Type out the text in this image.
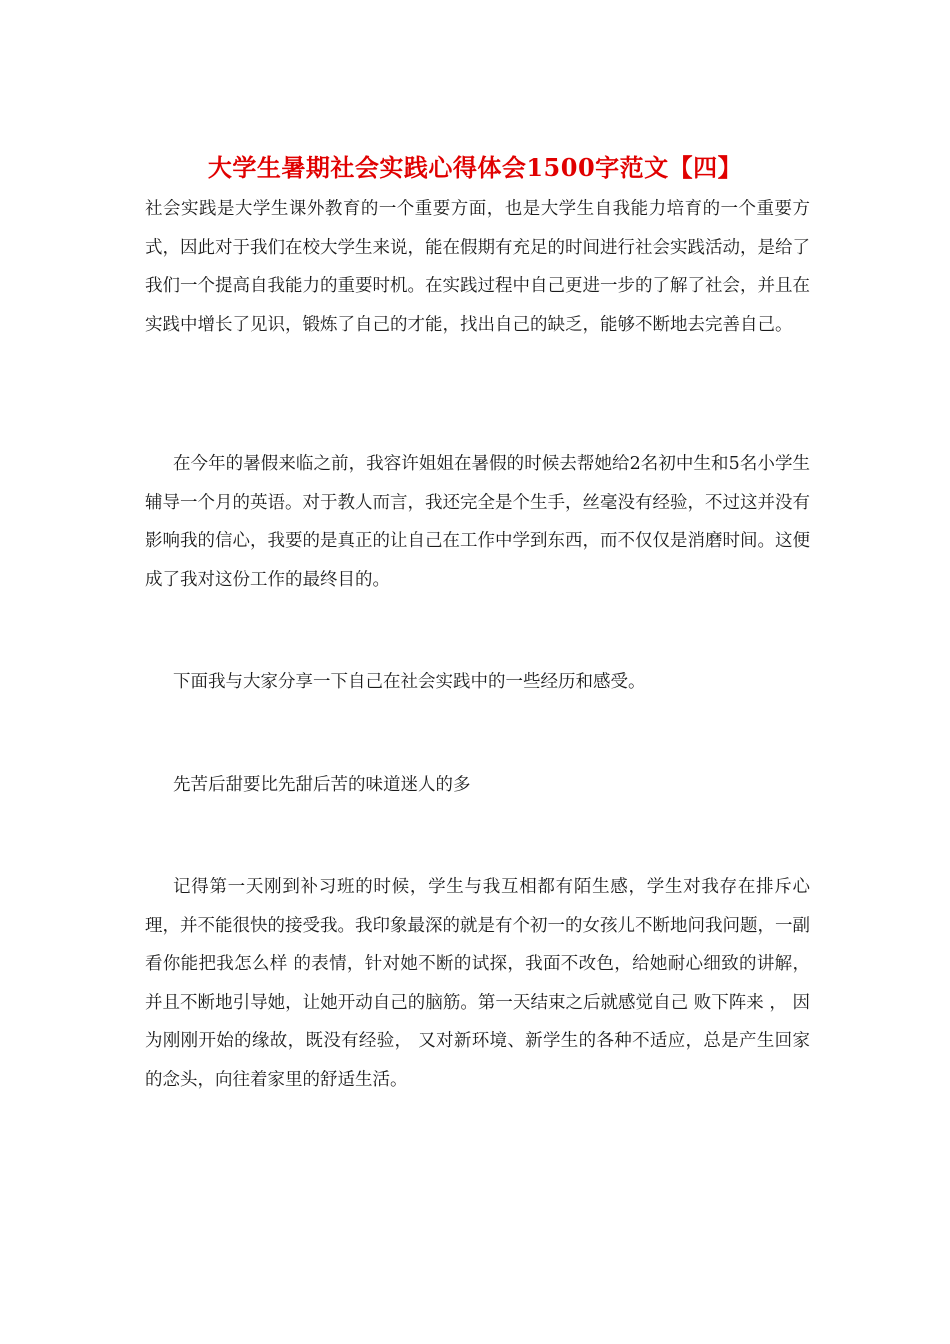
大学生暑期社会实践心得体会1500字范文【四】

社会实践是大学生课外教育的一个重要方面，也是大学生自我能力培育的一个重要方式，因此对于我们在校大学生来说，能在假期有充足的时间进行社会实践活动，是给了我们一个提高自我能力的重要时机。在实践过程中自己更进一步的了解了社会，并且在实践中增长了见识，锻炼了自己的才能，找出自己的缺乏，能够不断地去完善自己。

在今年的暑假来临之前，我容许姐姐在暑假的时候去帮她给2名初中生和5名小学生辅导一个月的英语。对于教人而言，我还完全是个生手，丝毫没有经验，不过这并没有影响我的信心，我要的是真正的让自己在工作中学到东西，而不仅仅是消磨时间。这便成了我对这份工作的最终目的。

下面我与大家分享一下自己在社会实践中的一些经历和感受。

先苦后甜要比先甜后苦的味道迷人的多

记得第一天刚到补习班的时候，学生与我互相都有陌生感，学生对我存在排斥心理，并不能很快的接受我。我印象最深的就是有个初一的女孩儿不断地问我问题，一副 看你能把我怎么样 的表情，针对她不断的试探，我面不改色，给她耐心细致的讲解，并且不断地引导她，让她开动自己的脑筋。第一天结束之后就感觉自己 败下阵来 ， 因为刚刚开始的缘故，既没有经验， 又对新环境、新学生的各种不适应，总是产生回家的念头，向往着家里的舒适生活。
